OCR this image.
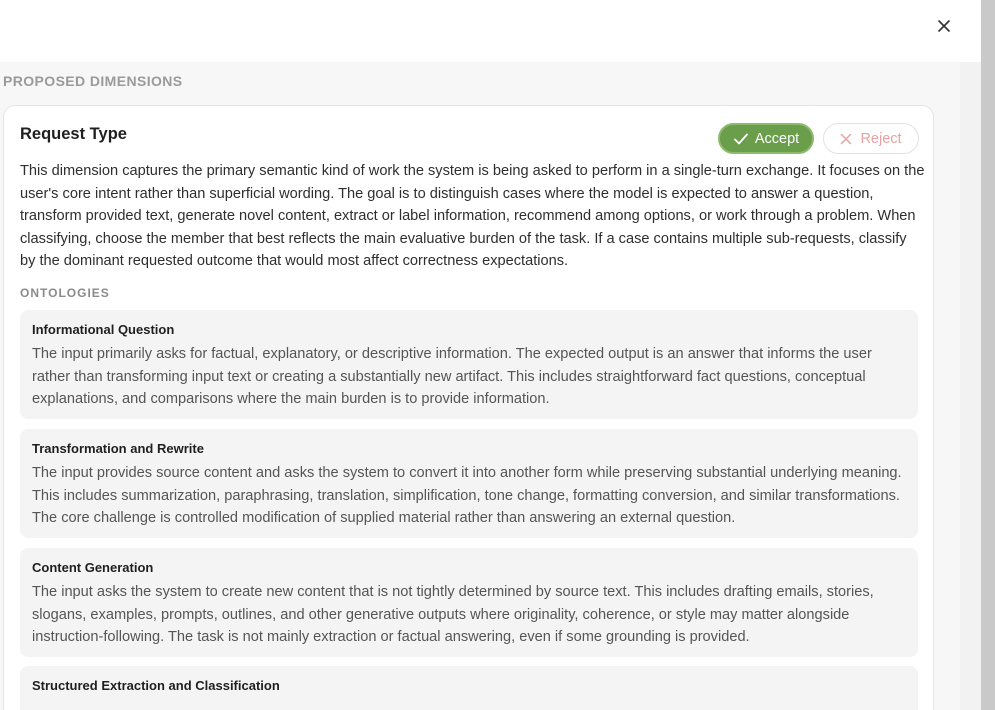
PROPOSED DIMENSIONS
Request Type	Accept	Reject

This dimension captures the primary semantic kind of work the system is being asked to perform in a single-turn exchange. It focuses on the user's core intent rather than superficial wording. The goal is to distinguish cases where the model is expected to answer a question, transform provided text, generate novel content, extract or label information, recommend among options, or work through a problem. When classifying, choose the member that best reflects the main evaluative burden of the task. If a case contains multiple sub-requests, classify by the dominant requested outcome that would most affect correctness expectations.

ONTOLOGIES

Informational Question

The input primarily asks for factual, explanatory, or descriptive information. The expected output is an answer that informs the user rather than transforming input text or creating a substantially new artifact. This includes straightforward fact questions, conceptual explanations, and comparisons where the main burden is to provide information.

Transformation and Rewrite

The input provides source content and asks the system to convert it into another form while preserving substantial underlying meaning. This includes summarization, paraphrasing, translation, simplification, tone change, formatting conversion, and similar transformations. The core challenge is controlled modification of supplied material rather than answering an external question.

Content Generation

The input asks the system to create new content that is not tightly determined by source text. This includes drafting emails, stories, slogans, examples, prompts, outlines, and other generative outputs where originality, coherence, or style may matter alongside instruction-following. The task is not mainly extraction or factual answering, even if some grounding is provided.

Structured Extraction and Classification
